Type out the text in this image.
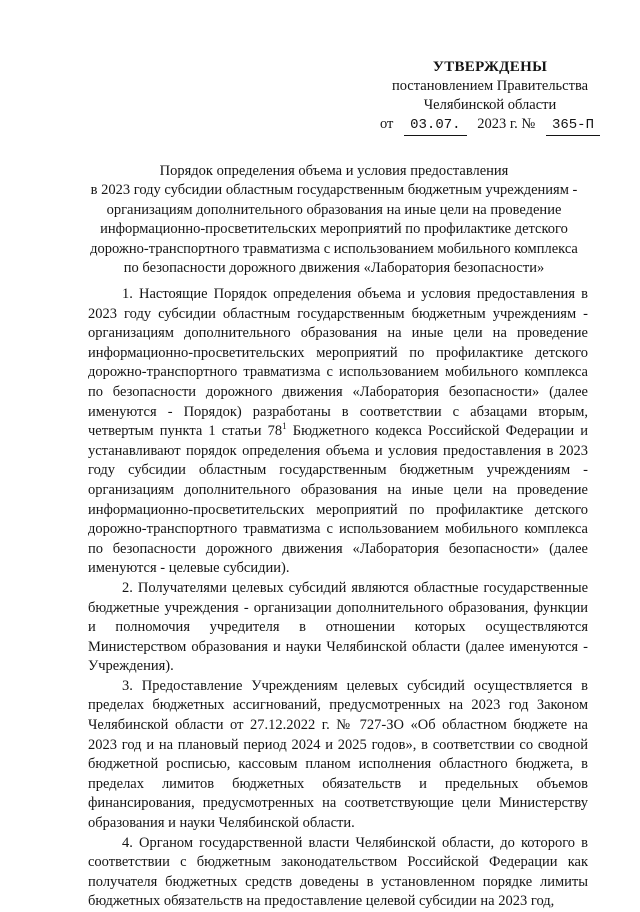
УТВЕРЖДЕНЫ
постановлением Правительства
Челябинской области
от	03.07.	2023 г. №	365-П
Порядок определения объема и условия предоставления
в 2023 году субсидии областным государственным бюджетным учреждениям -
организациям дополнительного образования на иные цели на проведение
информационно-просветительских мероприятий по профилактике детского
дорожно-транспортного травматизма с использованием мобильного комплекса
по безопасности дорожного движения «Лаборатория безопасности»

1. Настоящие Порядок определения объема и условия предоставления в 2023 году субсидии областным государственным бюджетным учреждениям - организациям дополнительного образования на иные цели на проведение информационно-просветительских мероприятий по профилактике детского дорожно-транспортного травматизма с использованием мобильного комплекса по безопасности дорожного движения «Лаборатория безопасности» (далее именуются - Порядок) разработаны в соответствии с абзацами вторым, четвертым пункта 1 статьи $78^1$ Бюджетного кодекса Российской Федерации и устанавливают порядок определения объема и условия предоставления в 2023 году субсидии областным государственным бюджетным учреждениям - организациям дополнительного образования на иные цели на проведение информационно-просветительских мероприятий по профилактике детского дорожно-транспортного травматизма с использованием мобильного комплекса по безопасности дорожного движения «Лаборатория безопасности» (далее именуются - целевые субсидии).

2. Получателями целевых субсидий являются областные государственные бюджетные учреждения - организации дополнительного образования, функции и полномочия учредителя в отношении которых осуществляются Министерством образования и науки Челябинской области (далее именуются - Учреждения).

3. Предоставление Учреждениям целевых субсидий осуществляется в пределах бюджетных ассигнований, предусмотренных на 2023 год Законом Челябинской области от 27.12.2022 г. № 727-ЗО «Об областном бюджете на 2023 год и на плановый период 2024 и 2025 годов», в соответствии со сводной бюджетной росписью, кассовым планом исполнения областного бюджета, в пределах лимитов бюджетных обязательств и предельных объемов финансирования, предусмотренных на соответствующие цели Министерству образования и науки Челябинской области.

4. Органом государственной власти Челябинской области, до которого в соответствии с бюджетным законодательством Российской Федерации как получателя бюджетных средств доведены в установленном порядке лимиты бюджетных обязательств на предоставление целевой субсидии на 2023 год,
